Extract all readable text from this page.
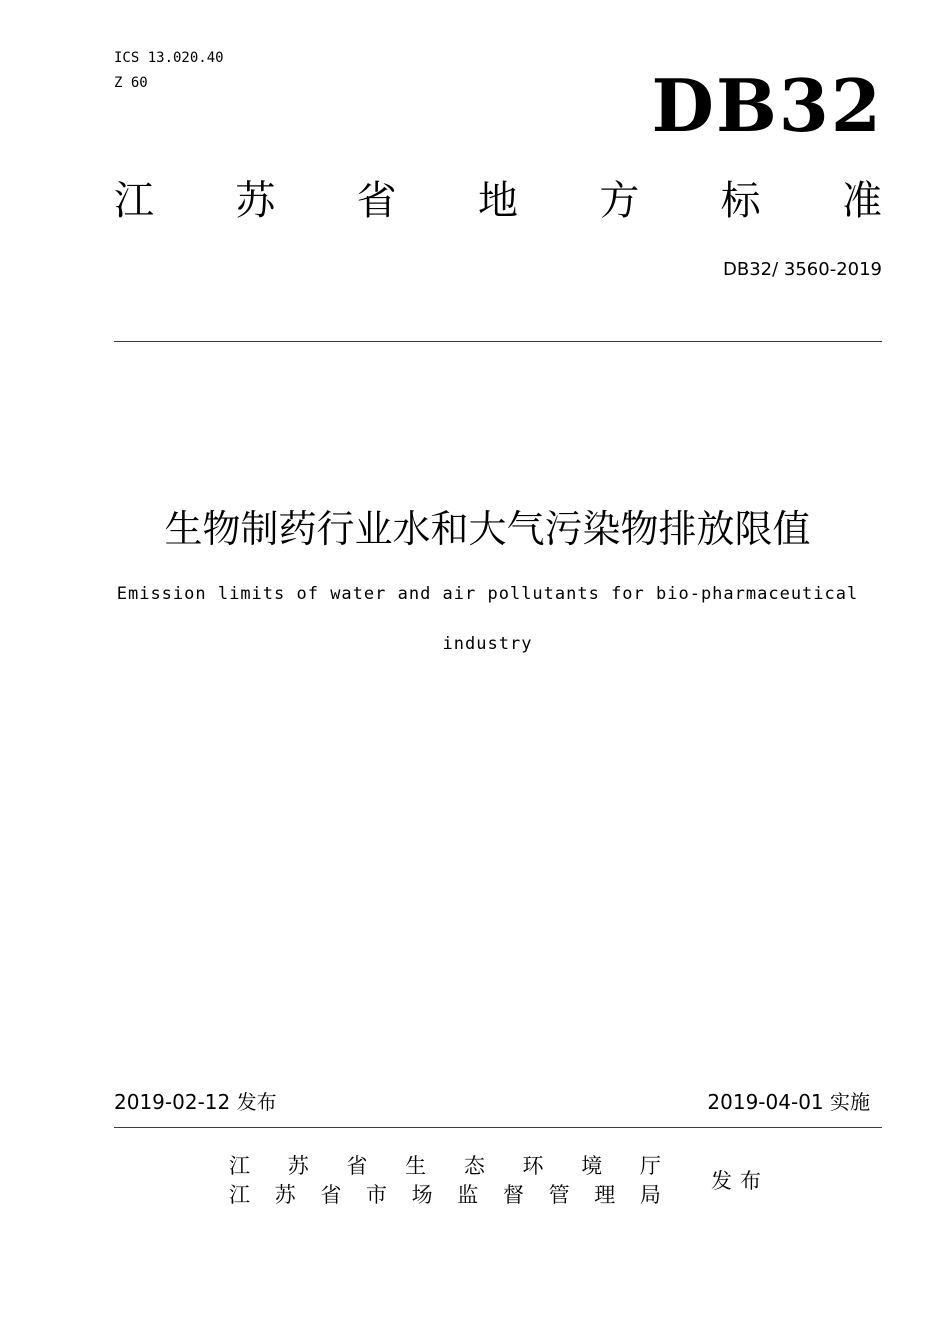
ICS 13.020.40
Z 60	DB32
江 苏 省 地 方 标 准
DB32/ 3560-2019
生物制药行业水和大气污染物排放限值
Emission limits of water and air pollutants for bio-pharmaceutical
industry
2019-02-12 发布	2019-04-01 实施
江 苏 省 生 态 环 境 厅
江 苏 省 市 场 监 督 管 理 局
发布
